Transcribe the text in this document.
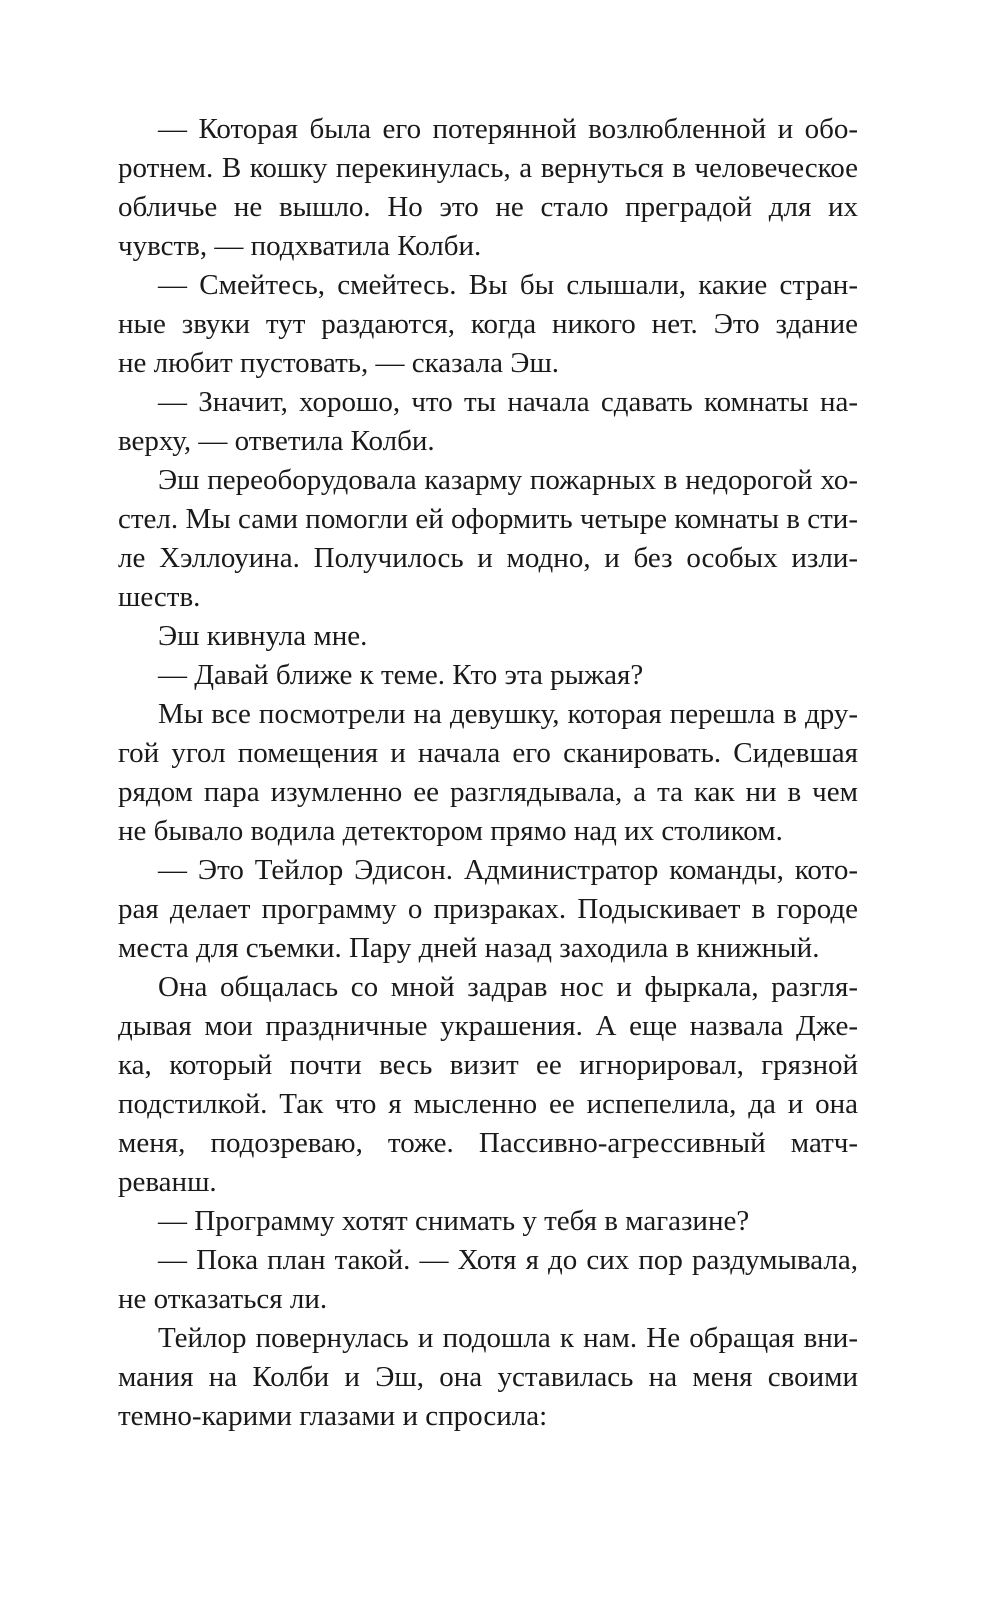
— Которая была его потерянной возлюбленной и обо-
ротнем. В кошку перекинулась, а вернуться в человеческое
обличье не вышло. Но это не стало преградой для их
чувств, — подхватила Колби.
— Смейтесь, смейтесь. Вы бы слышали, какие стран-
ные звуки тут раздаются, когда никого нет. Это здание
не любит пустовать, — сказала Эш.
— Значит, хорошо, что ты начала сдавать комнаты на-
верху, — ответила Колби.
Эш переоборудовала казарму пожарных в недорогой хо-
стел. Мы сами помогли ей оформить четыре комнаты в сти-
ле Хэллоуина. Получилось и модно, и без особых изли-
шеств.
Эш кивнула мне.
— Давай ближе к теме. Кто эта рыжая?
Мы все посмотрели на девушку, которая перешла в дру-
гой угол помещения и начала его сканировать. Сидевшая
рядом пара изумленно ее разглядывала, а та как ни в чем
не бывало водила детектором прямо над их столиком.
— Это Тейлор Эдисон. Администратор команды, кото-
рая делает программу о призраках. Подыскивает в городе
места для съемки. Пару дней назад заходила в книжный.
Она общалась со мной задрав нос и фыркала, разгля-
дывая мои праздничные украшения. А еще назвала Дже-
ка, который почти весь визит ее игнорировал, грязной
подстилкой. Так что я мысленно ее испепелила, да и она
меня, подозреваю, тоже. Пассивно-агрессивный матч-
реванш.
— Программу хотят снимать у тебя в магазине?
— Пока план такой. — Хотя я до сих пор раздумывала,
не отказаться ли.
Тейлор повернулась и подошла к нам. Не обращая вни-
мания на Колби и Эш, она уставилась на меня своими
темно-карими глазами и спросила:
